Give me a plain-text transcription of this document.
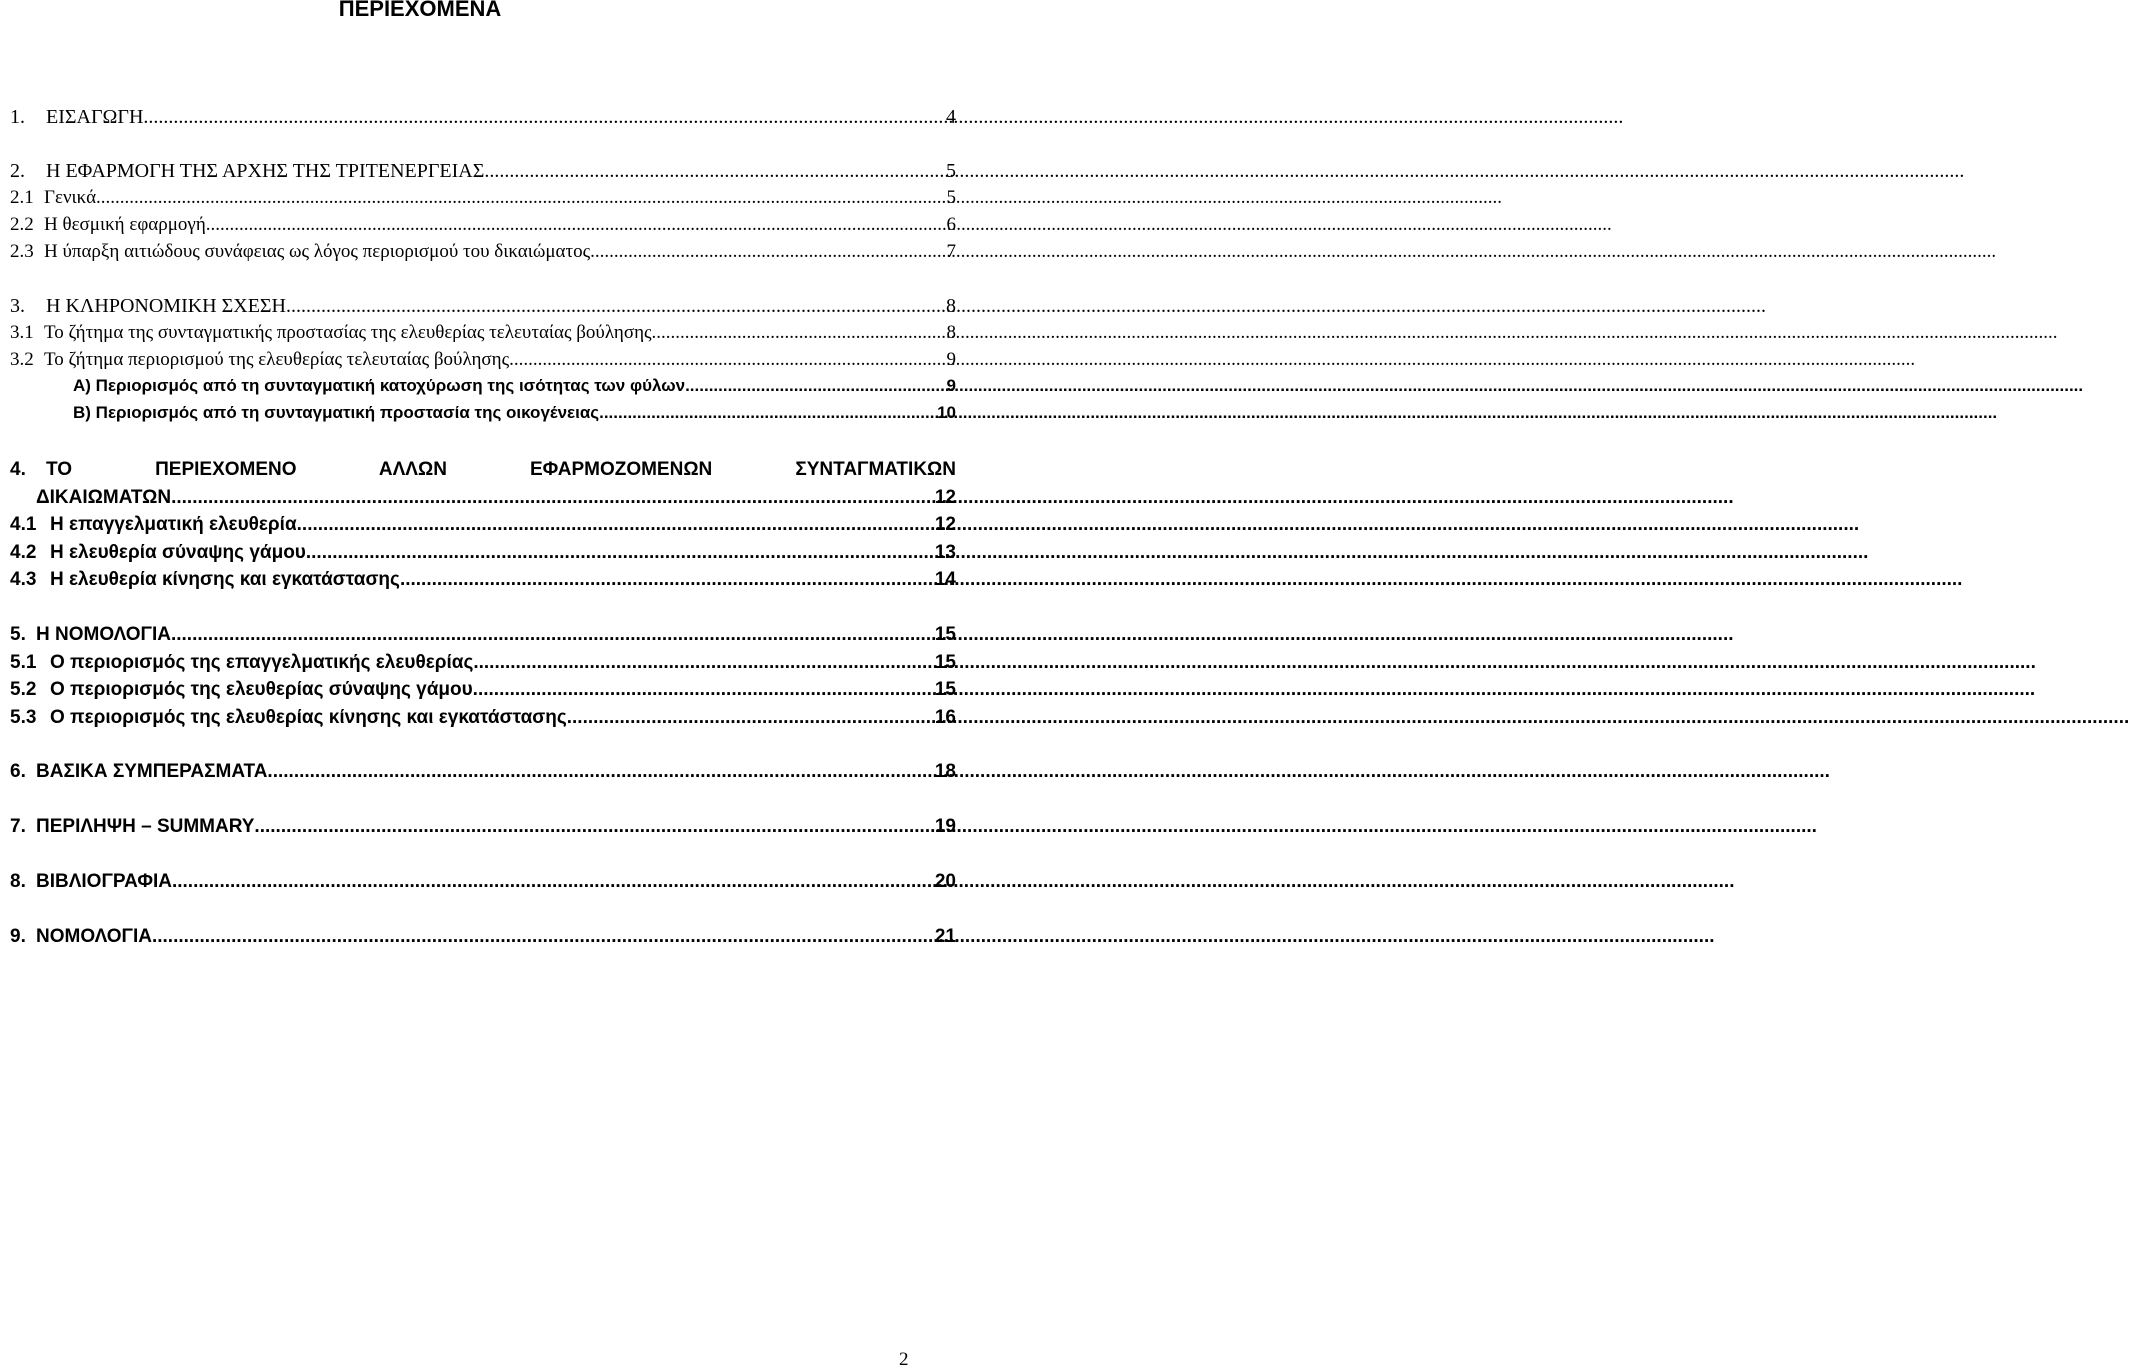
ΠΕΡΙΕΧΟΜΕΝΑ
1.	ΕΙΣΑΓΩΓΗ .....	4
2.	Η ΕΦΑΡΜΟΓΗ ΤΗΣ ΑΡΧΗΣ ΤΗΣ ΤΡΙΤΕΝΕΡΓΕΙΑΣ .....	5
2.1 Γενικά .....	5
2.2 Η θεσμική εφαρμογή .....	6
2.3 Η ύπαρξη αιτιώδους συνάφειας ως λόγος περιορισμού του δικαιώματος .....	7
3.	Η ΚΛΗΡΟΝΟΜΙΚΗ ΣΧΕΣΗ .....	8
3.1 Το ζήτημα της συνταγματικής προστασίας της ελευθερίας τελευταίας βούλησης .....	8
3.2 Το ζήτημα περιορισμού της ελευθερίας τελευταίας βούλησης .....	9
Α) Περιορισμός από τη συνταγματική κατοχύρωση της ισότητας των φύλων .....	9
Β) Περιορισμός από τη συνταγματική προστασία της οικογένειας .....	10
4.	ΤΟ ΠΕΡΙΕΧΟΜΕΝΟ ΑΛΛΩΝ ΕΦΑΡΜΟΖΟΜΕΝΩΝ ΣΥΝΤΑΓΜΑΤΙΚΩΝ
ΔΙΚΑΙΩΜΑΤΩΝ .....	12
4.1 Η επαγγελματική ελευθερία .....	12
4.2 Η ελευθερία σύναψης γάμου .....	13
4.3 Η ελευθερία κίνησης και εγκατάστασης .....	14
5. Η ΝΟΜΟΛΟΓΙΑ .....	15
5.1 Ο περιορισμός της επαγγελματικής ελευθερίας .....	15
5.2 Ο περιορισμός της ελευθερίας σύναψης γάμου .....	15
5.3 Ο περιορισμός της ελευθερίας κίνησης και εγκατάστασης .....	16
6. ΒΑΣΙΚΑ ΣΥΜΠΕΡΑΣΜΑΤΑ .....	18
7. ΠΕΡΙΛΗΨΗ – SUMMARY .....	19
8. ΒΙΒΛΙΟΓΡΑΦΙΑ .....	20
9. ΝΟΜΟΛΟΓΙΑ .....	21
2
